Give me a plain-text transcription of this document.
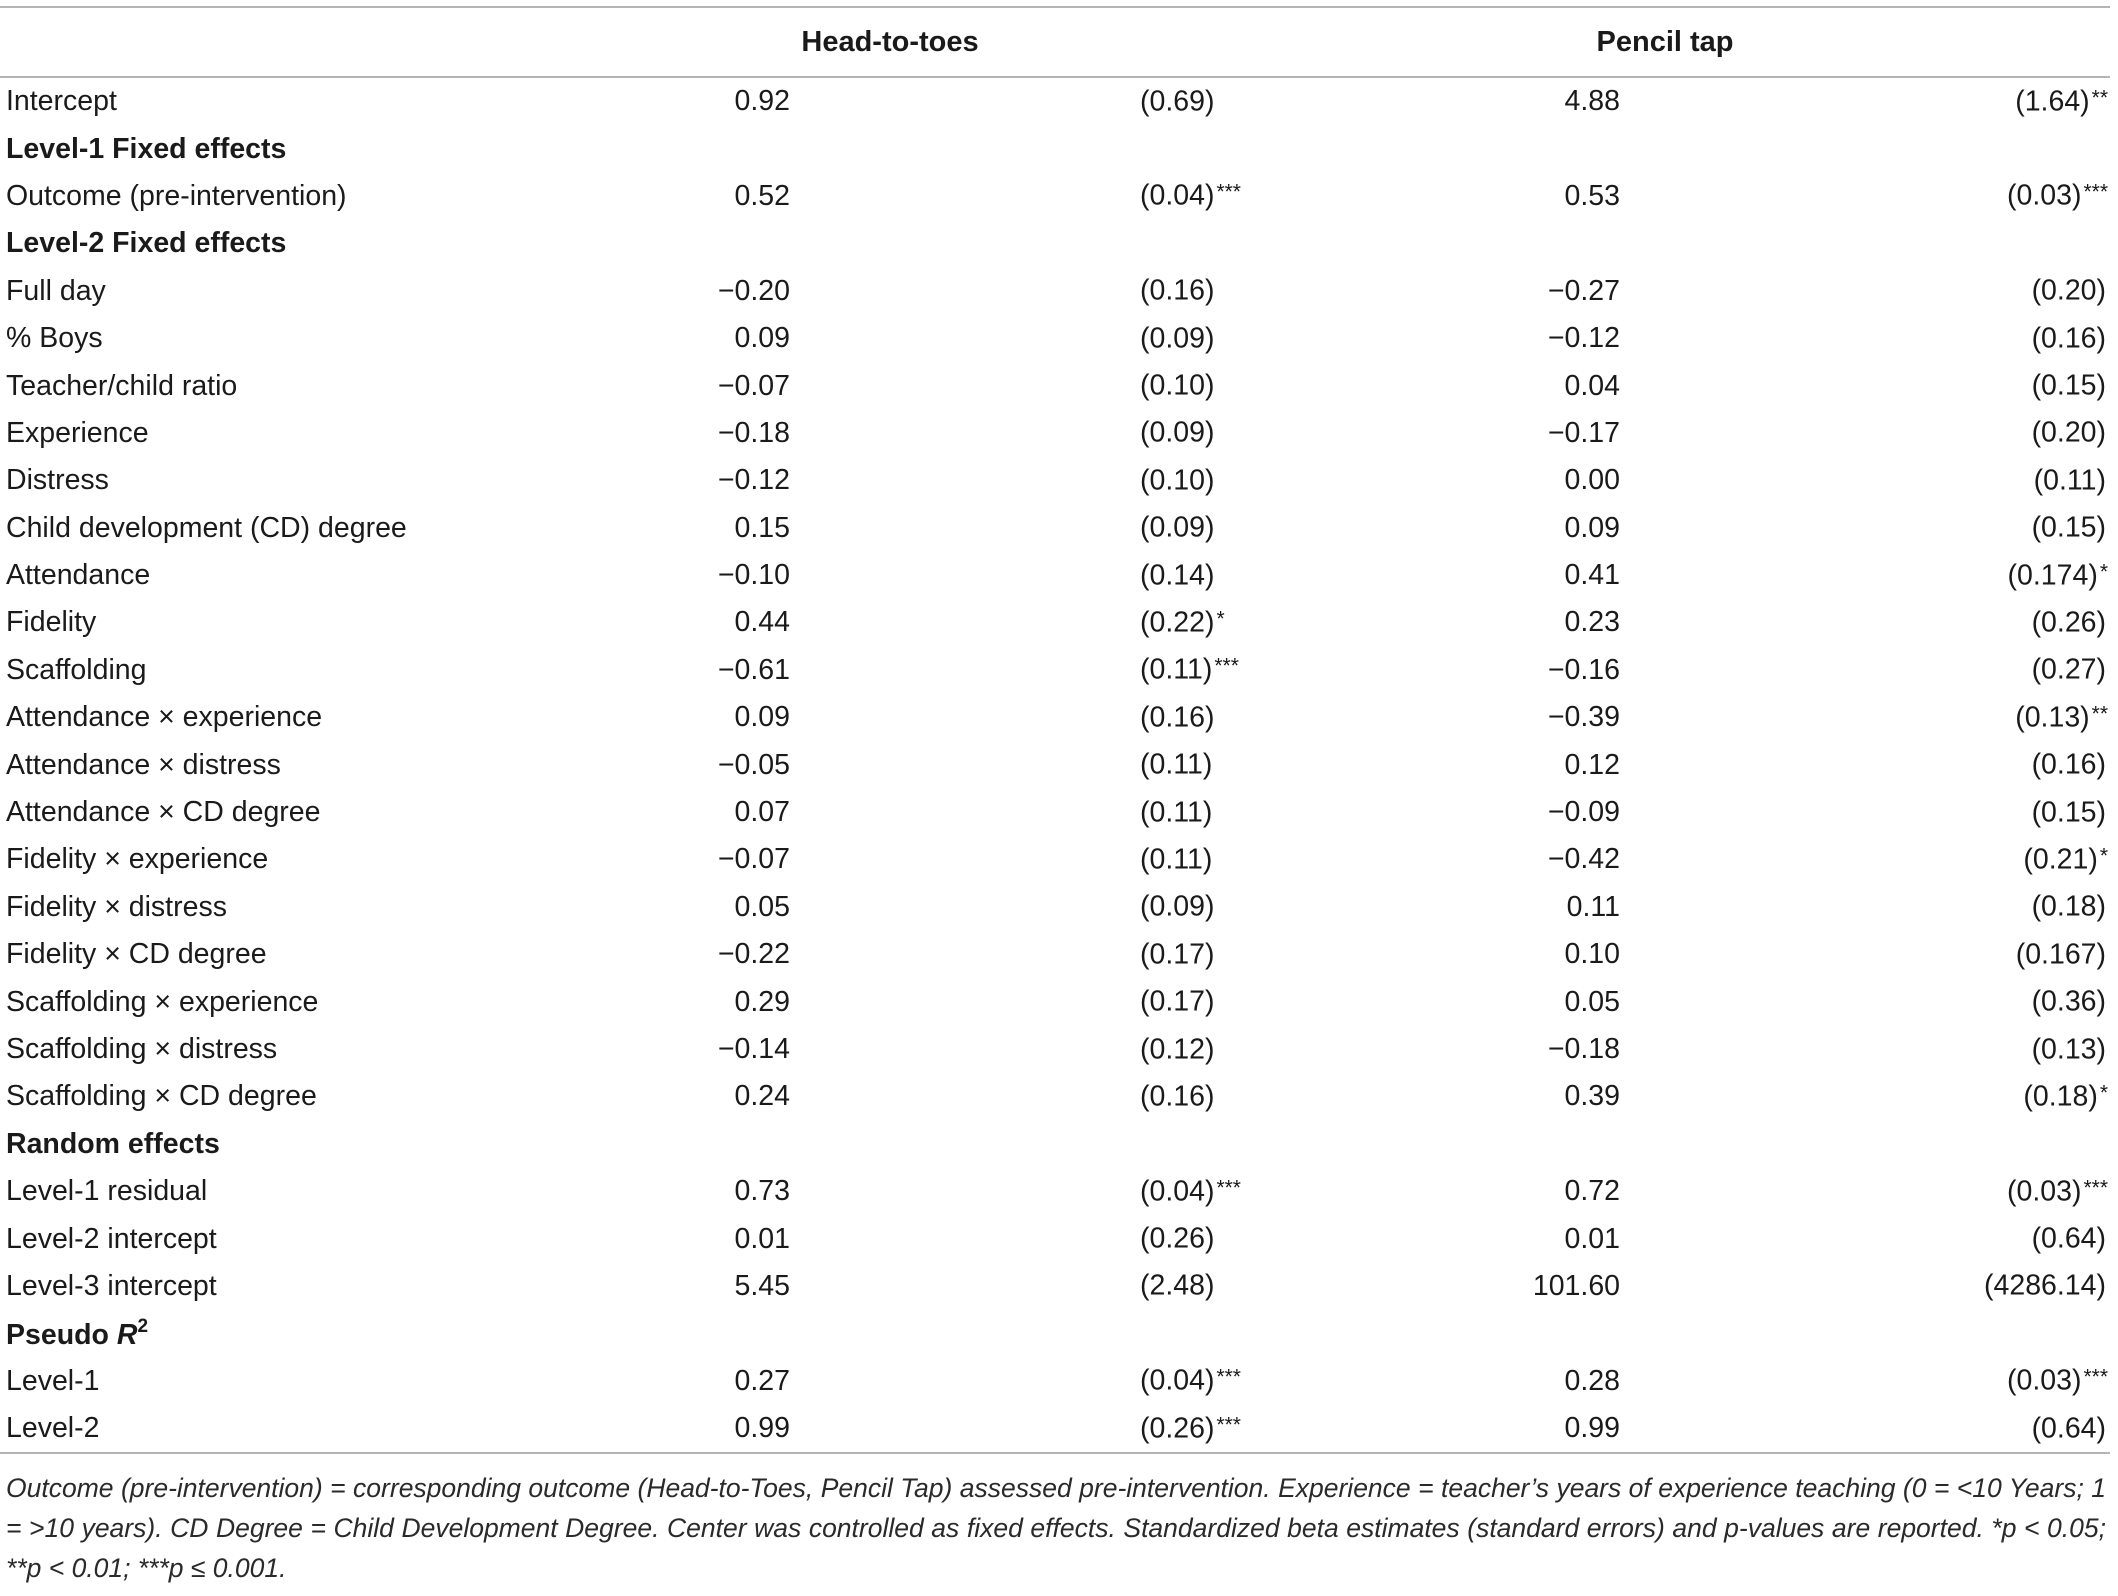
	Head-to-toes		Pencil tap	
Intercept	0.92	(0.69)	4.88	(1.64)**

Level-1 Fixed effects				
Outcome (pre-intervention)	0.52	(0.04)***	0.53	(0.03)***

Level-2 Fixed effects				
Full day	−0.20	(0.16)	−0.27	(0.20)

% Boys	0.09	(0.09)	−0.12	(0.16)

Teacher/child ratio	−0.07	(0.10)	0.04	(0.15)

Experience	−0.18	(0.09)	−0.17	(0.20)

Distress	−0.12	(0.10)	0.00	(0.11)

Child development (CD) degree	0.15	(0.09)	0.09	(0.15)

Attendance	−0.10	(0.14)	0.41	(0.174)*

Fidelity	0.44	(0.22)*	0.23	(0.26)

Scaffolding	−0.61	(0.11)***	−0.16	(0.27)

Attendance × experience	0.09	(0.16)	−0.39	(0.13)**

Attendance × distress	−0.05	(0.11)	0.12	(0.16)

Attendance × CD degree	0.07	(0.11)	−0.09	(0.15)

Fidelity × experience	−0.07	(0.11)	−0.42	(0.21)*

Fidelity × distress	0.05	(0.09)	0.11	(0.18)

Fidelity × CD degree	−0.22	(0.17)	0.10	(0.167)

Scaffolding × experience	0.29	(0.17)	0.05	(0.36)

Scaffolding × distress	−0.14	(0.12)	−0.18	(0.13)

Scaffolding × CD degree	0.24	(0.16)	0.39	(0.18)*

Random effects				
Level-1 residual	0.73	(0.04)***	0.72	(0.03)***

Level-2 intercept	0.01	(0.26)	0.01	(0.64)

Level-3 intercept	5.45	(2.48)	101.60	(4286.14)

Pseudo $R^2$
Level-1	0.27	(0.04)***	0.28	(0.03)***

Level-2	0.99	(0.26)***	0.99	(0.64)
Outcome (pre-intervention) = corresponding outcome (Head-to-Toes, Pencil Tap) assessed pre-intervention. Experience = teacher’s years of experience teaching (0 = <10 Years; 1 = >10 years). CD Degree = Child Development Degree. Center was controlled as fixed effects. Standardized beta estimates (standard errors) and p-values are reported. *p < 0.05; **p < 0.01; ***p ≤ 0.001.
